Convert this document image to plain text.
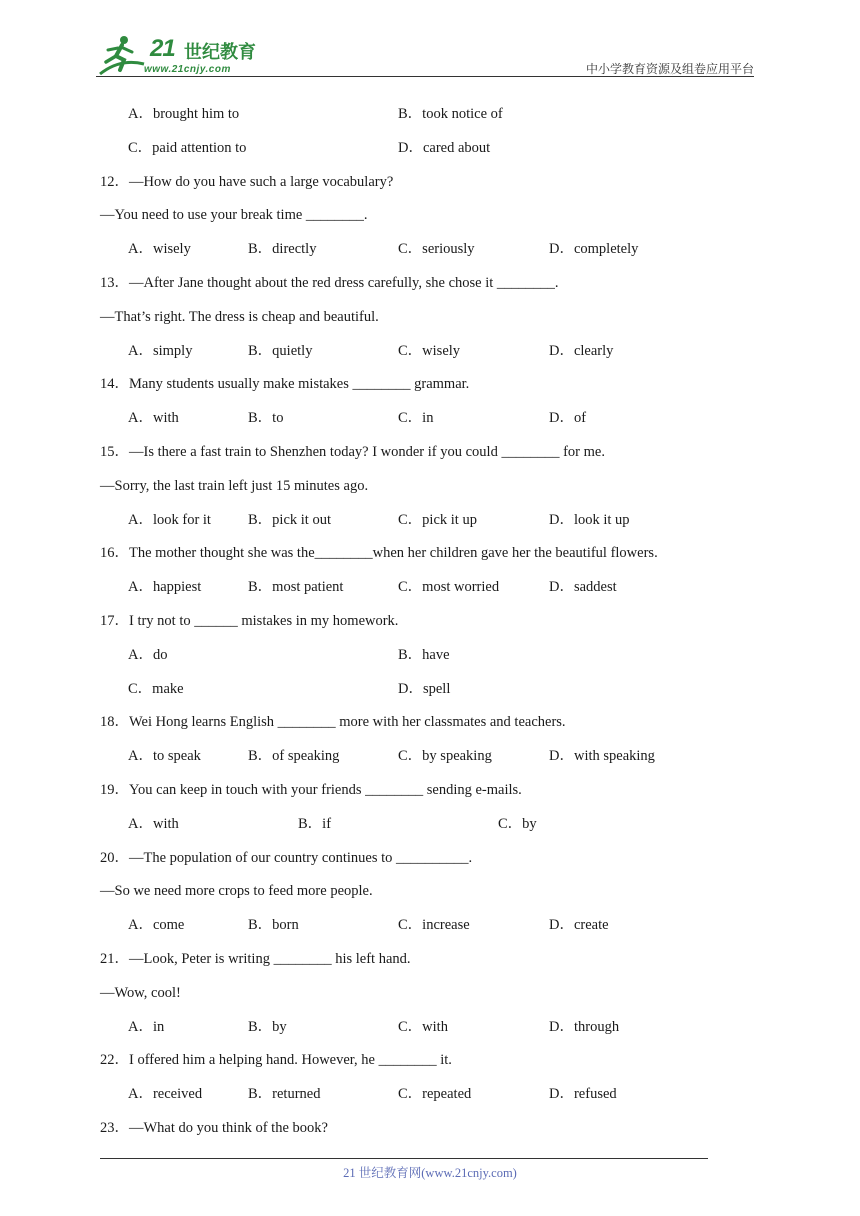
21 世纪教育
www.21cnjy.com	中小学教育资源及组卷应用平台
A．brought him to	B．took notice of
C．paid attention to	D．cared about
12．—How do you have such a large vocabulary?
—You need to use your break time ________.
A．wisely	B．directly	C．seriously	D．completely
13．—After Jane thought about the red dress carefully, she chose it ________.
—That’s right. The dress is cheap and beautiful.
A．simply	B．quietly	C．wisely	D．clearly
14．Many students usually make mistakes ________ grammar.
A．with	B．to	C．in	D．of
15．—Is there a fast train to Shenzhen today? I wonder if you could ________ for me.
—Sorry, the last train left just 15 minutes ago.
A．look for it	B．pick it out	C．pick it up	D．look it up
16．The mother thought she was the________when her children gave her the beautiful flowers.
A．happiest	B．most patient	C．most worried	D．saddest
17．I try not to ______ mistakes in my homework.
A．do	B．have
C．make	D．spell
18．Wei Hong learns English ________ more with her classmates and teachers.
A．to speak	B．of speaking	C．by speaking	D．with speaking
19．You can keep in touch with your friends ________ sending e-mails.
A．with	B．if	C．by
20．—The population of our country continues to __________.
—So we need more crops to feed more people.
A．come	B．born	C．increase	D．create
21．—Look, Peter is writing ________ his left hand.
—Wow, cool!
A．in	B．by	C．with	D．through
22．I offered him a helping hand. However, he ________ it.
A．received	B．returned	C．repeated	D．refused
23．—What do you think of the book?
21 世纪教育网(www.21cnjy.com)
